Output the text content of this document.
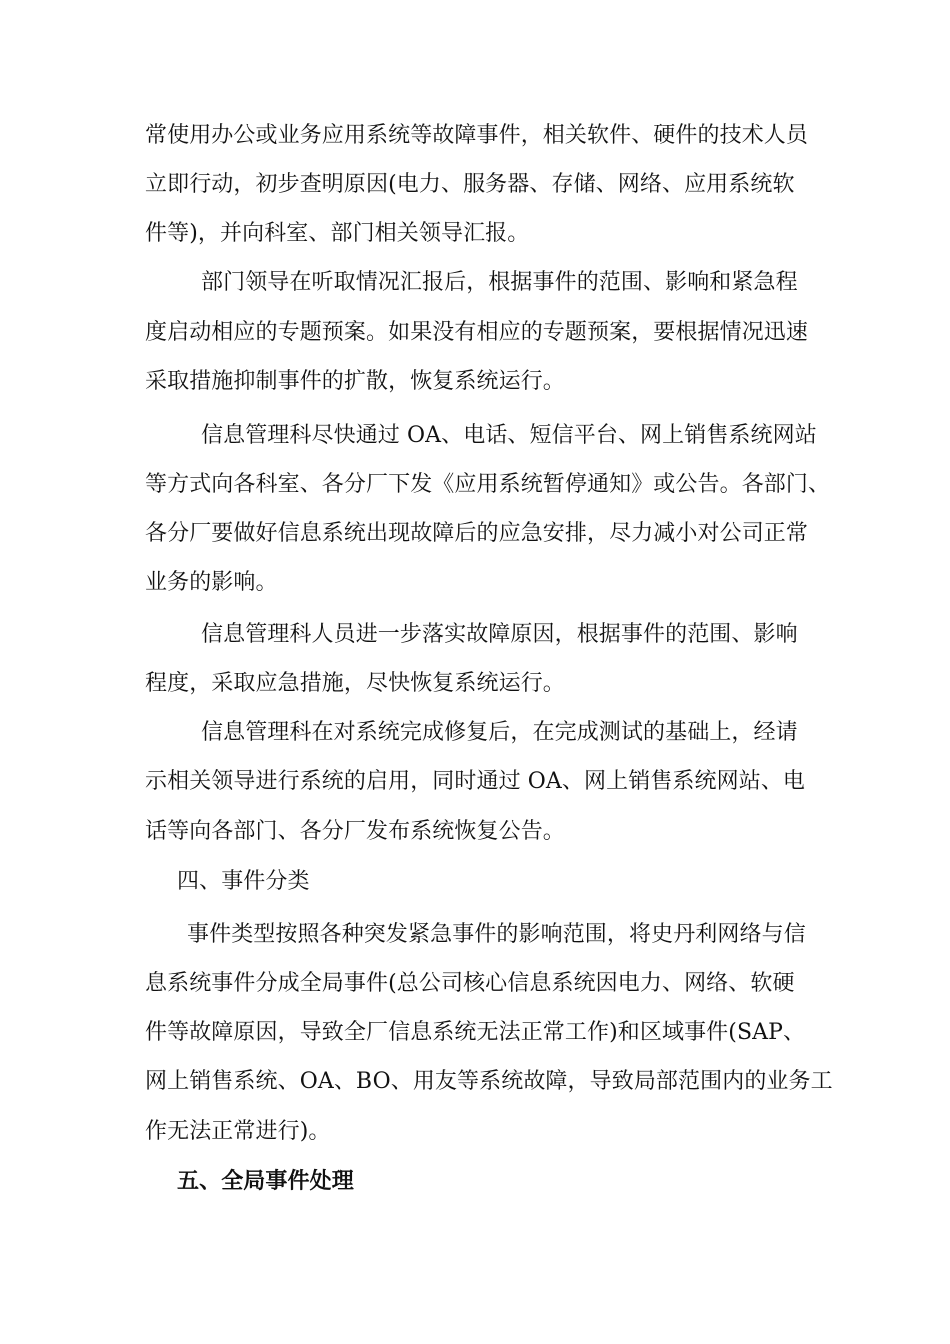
常使用办公或业务应用系统等故障事件，相关软件、硬件的技术人员
立即行动，初步查明原因(电力、服务器、存储、网络、应用系统软
件等)，并向科室、部门相关领导汇报。
部门领导在听取情况汇报后，根据事件的范围、影响和紧急程
度启动相应的专题预案。如果没有相应的专题预案，要根据情况迅速
采取措施抑制事件的扩散，恢复系统运行。
信息管理科尽快通过 OA、电话、短信平台、网上销售系统网站
等方式向各科室、各分厂下发《应用系统暂停通知》或公告。各部门、
各分厂要做好信息系统出现故障后的应急安排，尽力减小对公司正常
业务的影响。
信息管理科人员进一步落实故障原因，根据事件的范围、影响
程度，采取应急措施，尽快恢复系统运行。
信息管理科在对系统完成修复后，在完成测试的基础上，经请
示相关领导进行系统的启用，同时通过 OA、网上销售系统网站、电
话等向各部门、各分厂发布系统恢复公告。
四、事件分类
事件类型按照各种突发紧急事件的影响范围，将史丹利网络与信
息系统事件分成全局事件(总公司核心信息系统因电力、网络、软硬
件等故障原因，导致全厂信息系统无法正常工作)和区域事件(SAP、
网上销售系统、OA、BO、用友等系统故障，导致局部范围内的业务工
作无法正常进行)。
五、全局事件处理
